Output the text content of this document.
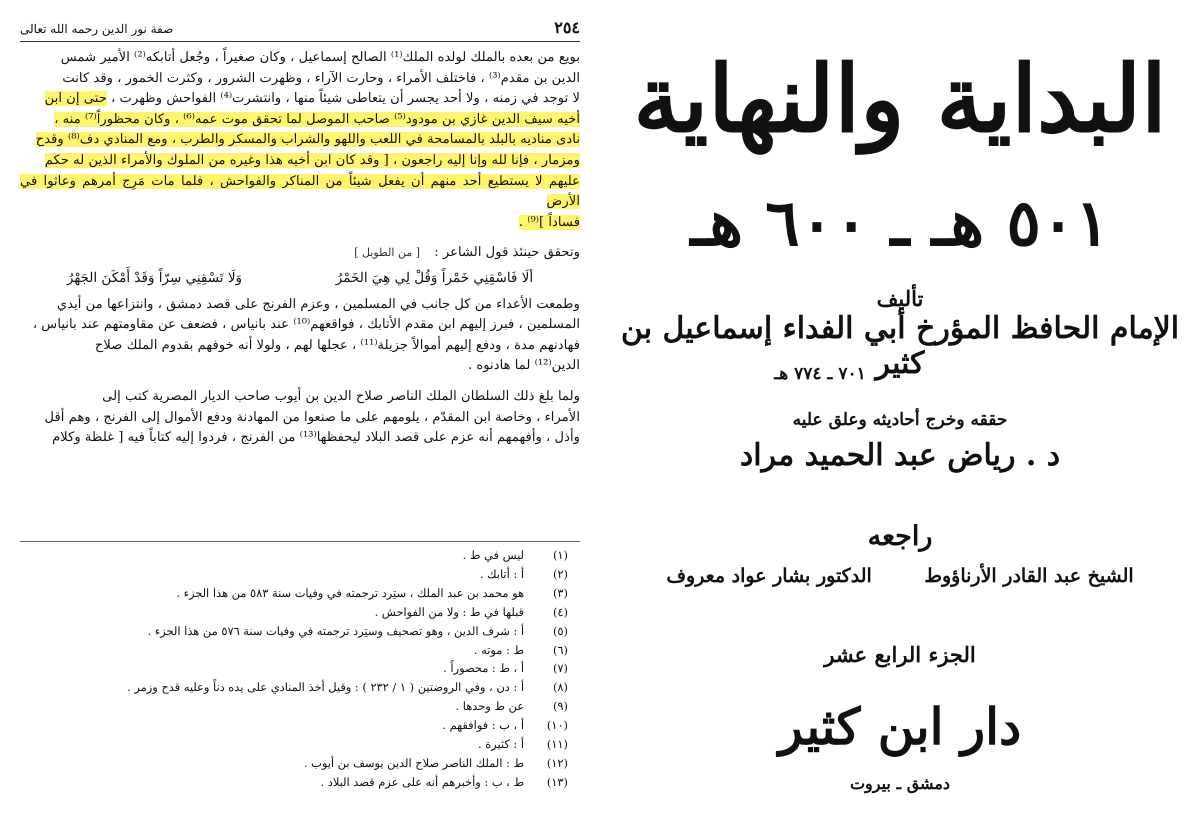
٢٥٤
صفة نور الدين رحمه الله تعالى

بويع من بعده بالملك لولده الملك⁽¹⁾ الصالح إسماعيل ، وكان صغيراً ، وجُعل أتابكه⁽²⁾ الأمير شمس

الدين بن مقدم⁽³⁾ ، فاختلف الأمراء ، وحارت الآراء ، وظهرت الشرور ، وكثرت الخمور ، وقد كانت

لا توجد في زمنه ، ولا أحد يجسر أن يتعاطى شيئاً منها ، وانتشرت⁽⁴⁾ الفواحش وظهرت ، حتى إن ابن

أخيه سيف الدين غازي بن مودود⁽⁵⁾ صاحب الموصل لما تحقق موت عمه⁽⁶⁾ ، وكان محظوراً⁽⁷⁾ منه ،

نادى مناديه بالبلد بالمسامحة في اللعب واللهو والشراب والمسكر والطرب ، ومع المنادي دف⁽⁸⁾ وقدح

ومزمار ، فإنا لله وإنا إليه راجعون ، [ وقد كان ابن أخيه هذا وغيره من الملوك والأمراء الذين له حكم

عليهم لا يستطيع أحد منهم أن يفعل شيئاً من المناكر والفواحش ، فلما مات مَرِج أمرهم وعاثوا في الأرض

فساداً ]⁽⁹⁾ .

وتحقق حينئذ قول الشاعر : [ من الطويل ]

ألَا فَاسْقِنِي خَمْراً وَقُلْ لِي هِيَ الخَمْرُ
وَلَا تَسْقِنِي سِرّاً وَقَدْ أَمْكَنَ الجَهْرُ

وطمعت الأعداء من كل جانب في المسلمين ، وعزم الفرنج على قصد دمشق ، وانتزاعها من أيدي

المسلمين ، فبرز إليهم ابن مقدم الأتابك ، فواقعهم⁽¹⁰⁾ عند بانياس ، فضعف عن مقاومتهم عند بانياس ،

فهادنهم مدة ، ودفع إليهم أموالاً جزيلة⁽¹¹⁾ ، عجلها لهم ، ولولا أنه خوفهم بقدوم الملك صلاح

الدين⁽¹²⁾ لما هادنوه .

ولما بلغ ذلك السلطان الملك الناصر صلاح الدين بن أيوب صاحب الديار المصرية كتب إلى

الأمراء ، وخاصة ابن المقدّم ، يلومهم على ما صنعوا من المهادنة ودفع الأموال إلى الفرنج ، وهم أقل

وأذل ، وأفهمهم أنه عزم على قصد البلاد ليحفظها⁽¹³⁾ من الفرنج ، فردوا إليه كتاباً فيه [ غلظة وكلام

(١)
ليس في ط .
(٢)
أ : أتابك .
(٣)
هو محمد بن عبد الملك ، ستِرد ترجمته في وفيات سنة ٥٨٣ من هذا الجزء .
(٤)
قبلها في ط : ولا من الفواحش .
(٥)
أ : شرف الدين ، وهو تصحيف وستِرد ترجمته في وفيات سنة ٥٧٦ من هذا الجزء .
(٦)
ط : موته .
(٧)
أ ، ط : محصوراً .
(٨)
أ : دن ، وفي الروضتين ( ١ / ٢٣٢ ) : وقيل أخذ المنادي على يده دناً وعليه قدح وزمر .
(٩)
عن ط وحدها .
(١٠)
أ ، ب : فوافقهم .
(١١)
أ : كثيرة .
(١٢)
ط : الملك الناصر صلاح الدين يوسف بن أيوب .
(١٣)
ط ، ب : وأخبرهم أنه على عزم قصد البلاد .
البداية والنهاية
٥٠١ هـ ـ ٦٠٠ هـ
تأليف
الإمام الحافظ المؤرخ أبي الفداء إسماعيل بن كثير
٧٠١ ـ ٧٧٤ هـ
حققه وخرج أحاديثه وعلق عليه
د . رياض عبد الحميد مراد
راجعه
الشيخ عبد القادر الأرناؤوط
الدكتور بشار عواد معروف
الجزء الرابع عشر
دار ابن كثير
دمشق ـ بيروت
